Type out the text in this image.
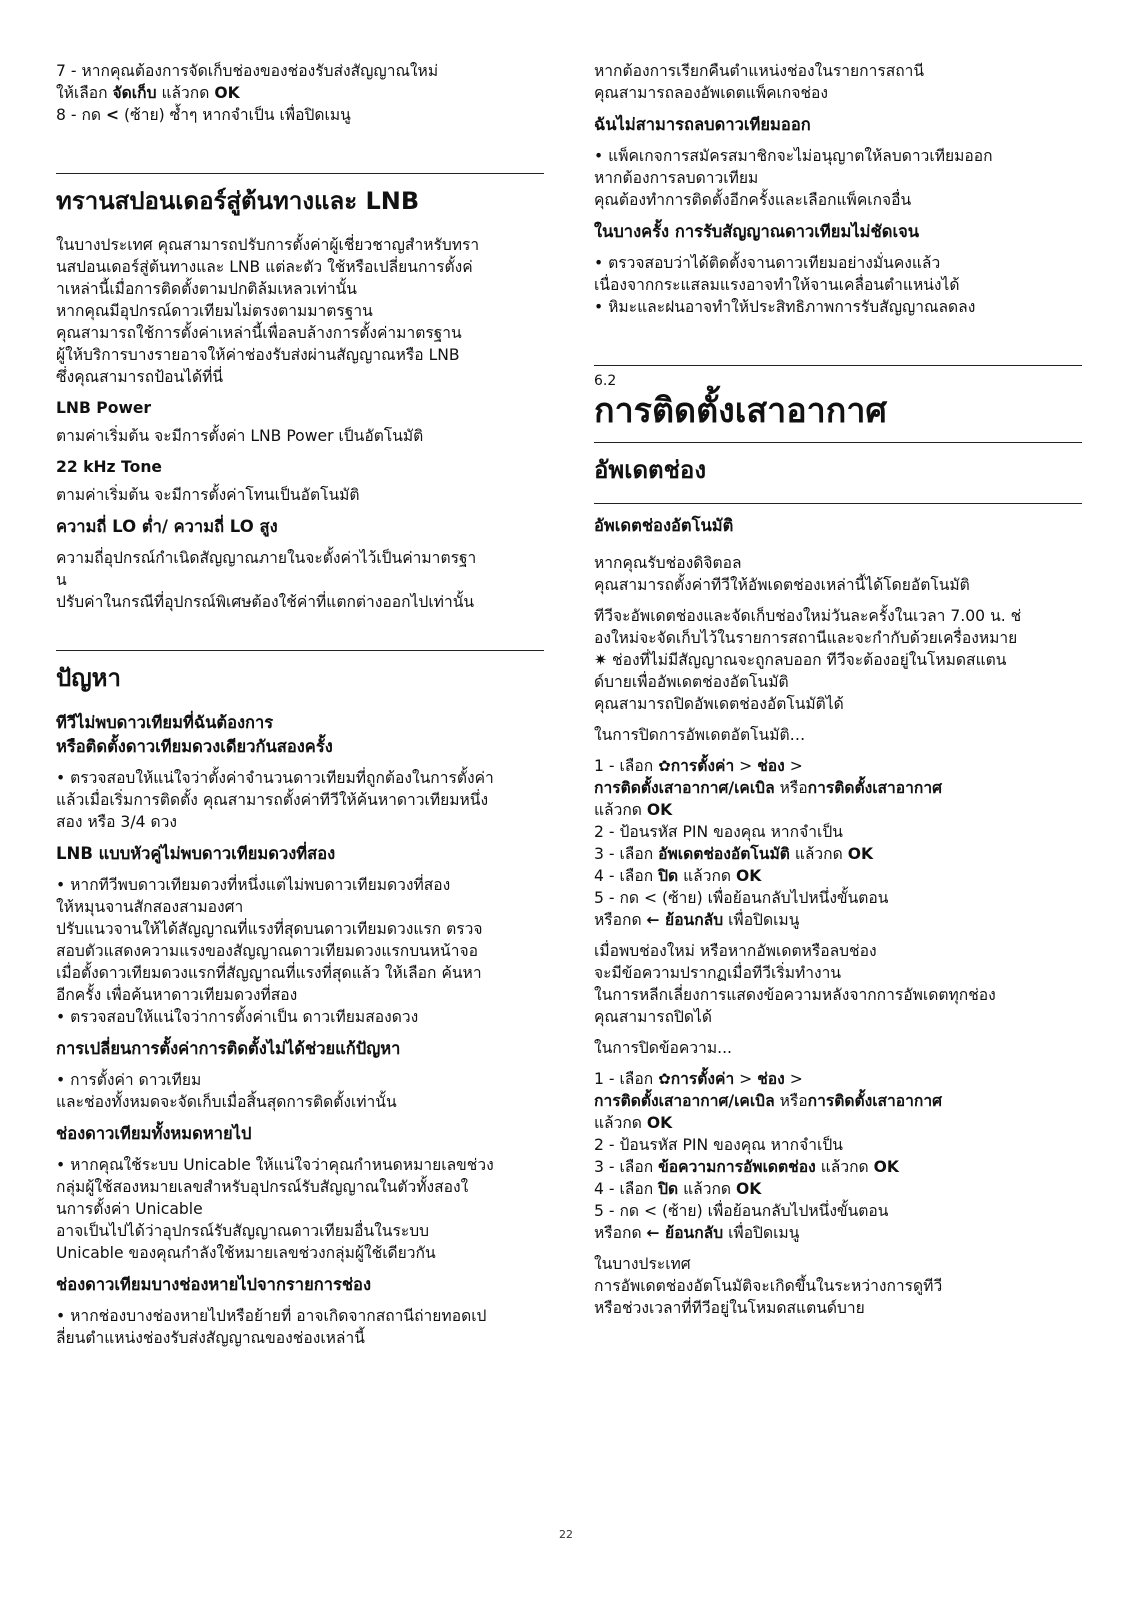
7 - หากคุณต้องการจัดเก็บช่องของช่องรับส่งสัญญาณใหม่
ให้เลือก จัดเก็บ แล้วกด OK
8 - กด < (ซ้าย) ซ้ำๆ หากจำเป็น เพื่อปิดเมนู

ทรานสปอนเดอร์สู่ต้นทางและ LNB

ในบางประเทศ คุณสามารถปรับการตั้งค่าผู้เชี่ยวชาญสำหรับทรา
นสปอนเดอร์สู่ต้นทางและ LNB แต่ละตัว ใช้หรือเปลี่ยนการตั้งค่
าเหล่านี้เมื่อการติดตั้งตามปกติล้มเหลวเท่านั้น
หากคุณมีอุปกรณ์ดาวเทียมไม่ตรงตามมาตรฐาน
คุณสามารถใช้การตั้งค่าเหล่านี้เพื่อลบล้างการตั้งค่ามาตรฐาน
ผู้ให้บริการบางรายอาจให้ค่าช่องรับส่งผ่านสัญญาณหรือ LNB
ซึ่งคุณสามารถป้อนได้ที่นี่

LNB Power

ตามค่าเริ่มต้น จะมีการตั้งค่า LNB Power เป็นอัตโนมัติ

22 kHz Tone

ตามค่าเริ่มต้น จะมีการตั้งค่าโทนเป็นอัตโนมัติ

ความถี่ LO ต่ำ/ ความถี่ LO สูง

ความถี่อุปกรณ์กำเนิดสัญญาณภายในจะตั้งค่าไว้เป็นค่ามาตรฐา
น
ปรับค่าในกรณีที่อุปกรณ์พิเศษต้องใช้ค่าที่แตกต่างออกไปเท่านั้น

ปัญหา
ทีวีไม่พบดาวเทียมที่ฉันต้องการ
หรือติดตั้งดาวเทียมดวงเดียวกันสองครั้ง

• ตรวจสอบให้แน่ใจว่าตั้งค่าจำนวนดาวเทียมที่ถูกต้องในการตั้งค่า
แล้วเมื่อเริ่มการติดตั้ง คุณสามารถตั้งค่าทีวีให้ค้นหาดาวเทียมหนึ่ง
สอง หรือ 3/4 ดวง

LNB แบบหัวคู่ไม่พบดาวเทียมดวงที่สอง

• หากทีวีพบดาวเทียมดวงที่หนึ่งแต่ไม่พบดาวเทียมดวงที่สอง
ให้หมุนจานสักสองสามองศา
ปรับแนวจานให้ได้สัญญาณที่แรงที่สุดบนดาวเทียมดวงแรก ตรวจ
สอบตัวแสดงความแรงของสัญญาณดาวเทียมดวงแรกบนหน้าจอ
เมื่อตั้งดาวเทียมดวงแรกที่สัญญาณที่แรงที่สุดแล้ว ให้เลือก ค้นหา
อีกครั้ง เพื่อค้นหาดาวเทียมดวงที่สอง
• ตรวจสอบให้แน่ใจว่าการตั้งค่าเป็น ดาวเทียมสองดวง

การเปลี่ยนการตั้งค่าการติดตั้งไม่ได้ช่วยแก้ปัญหา

• การตั้งค่า ดาวเทียม
และช่องทั้งหมดจะจัดเก็บเมื่อสิ้นสุดการติดตั้งเท่านั้น

ช่องดาวเทียมทั้งหมดหายไป

• หากคุณใช้ระบบ Unicable ให้แน่ใจว่าคุณกำหนดหมายเลขช่วง
กลุ่มผู้ใช้สองหมายเลขสำหรับอุปกรณ์รับสัญญาณในตัวทั้งสองใ
นการตั้งค่า Unicable
อาจเป็นไปได้ว่าอุปกรณ์รับสัญญาณดาวเทียมอื่นในระบบ
Unicable ของคุณกำลังใช้หมายเลขช่วงกลุ่มผู้ใช้เดียวกัน

ช่องดาวเทียมบางช่องหายไปจากรายการช่อง

• หากช่องบางช่องหายไปหรือย้ายที่ อาจเกิดจากสถานีถ่ายทอดเป
ลี่ยนตำแหน่งช่องรับส่งสัญญาณของช่องเหล่านี้

หากต้องการเรียกคืนตำแหน่งช่องในรายการสถานี
คุณสามารถลองอัพเดตแพ็คเกจช่อง

ฉันไม่สามารถลบดาวเทียมออก

• แพ็คเกจการสมัครสมาชิกจะไม่อนุญาตให้ลบดาวเทียมออก
หากต้องการลบดาวเทียม
คุณต้องทำการติดตั้งอีกครั้งและเลือกแพ็คเกจอื่น

ในบางครั้ง การรับสัญญาณดาวเทียมไม่ชัดเจน

• ตรวจสอบว่าได้ติดตั้งจานดาวเทียมอย่างมั่นคงแล้ว
เนื่องจากกระแสลมแรงอาจทำให้จานเคลื่อนตำแหน่งได้
• หิมะและฝนอาจทำให้ประสิทธิภาพการรับสัญญาณลดลง

6.2
การติดตั้งเสาอากาศ
อัพเดตช่อง
อัพเดตช่องอัตโนมัติ

หากคุณรับช่องดิจิตอล
คุณสามารถตั้งค่าทีวีให้อัพเดตช่องเหล่านี้ได้โดยอัตโนมัติ

ทีวีจะอัพเดตช่องและจัดเก็บช่องใหม่วันละครั้งในเวลา 7.00 น. ช่
องใหม่จะจัดเก็บไว้ในรายการสถานีและจะกำกับด้วยเครื่องหมาย
✷ ช่องที่ไม่มีสัญญาณจะถูกลบออก ทีวีจะต้องอยู่ในโหมดสแตน
ด์บายเพื่ออัพเดตช่องอัตโนมัติ
คุณสามารถปิดอัพเดตช่องอัตโนมัติได้

ในการปิดการอัพเดตอัตโนมัติ…

1 - เลือก ✿การตั้งค่า > ช่อง >
การติดตั้งเสาอากาศ/เคเบิล หรือการติดตั้งเสาอากาศ
แล้วกด OK
2 - ป้อนรหัส PIN ของคุณ หากจำเป็น
3 - เลือก อัพเดตช่องอัตโนมัติ แล้วกด OK
4 - เลือก ปิด แล้วกด OK
5 - กด < (ซ้าย) เพื่อย้อนกลับไปหนึ่งขั้นตอน
หรือกด ← ย้อนกลับ เพื่อปิดเมนู

เมื่อพบช่องใหม่ หรือหากอัพเดตหรือลบช่อง
จะมีข้อความปรากฏเมื่อทีวีเริ่มทำงาน
ในการหลีกเลี่ยงการแสดงข้อความหลังจากการอัพเดตทุกช่อง
คุณสามารถปิดได้

ในการปิดข้อความ...

1 - เลือก ✿การตั้งค่า > ช่อง >
การติดตั้งเสาอากาศ/เคเบิล หรือการติดตั้งเสาอากาศ
แล้วกด OK
2 - ป้อนรหัส PIN ของคุณ หากจำเป็น
3 - เลือก ข้อความการอัพเดตช่อง แล้วกด OK
4 - เลือก ปิด แล้วกด OK
5 - กด < (ซ้าย) เพื่อย้อนกลับไปหนึ่งขั้นตอน
หรือกด ← ย้อนกลับ เพื่อปิดเมนู

ในบางประเทศ
การอัพเดตช่องอัตโนมัติจะเกิดขึ้นในระหว่างการดูทีวี
หรือช่วงเวลาที่ทีวีอยู่ในโหมดสแตนด์บาย

22
